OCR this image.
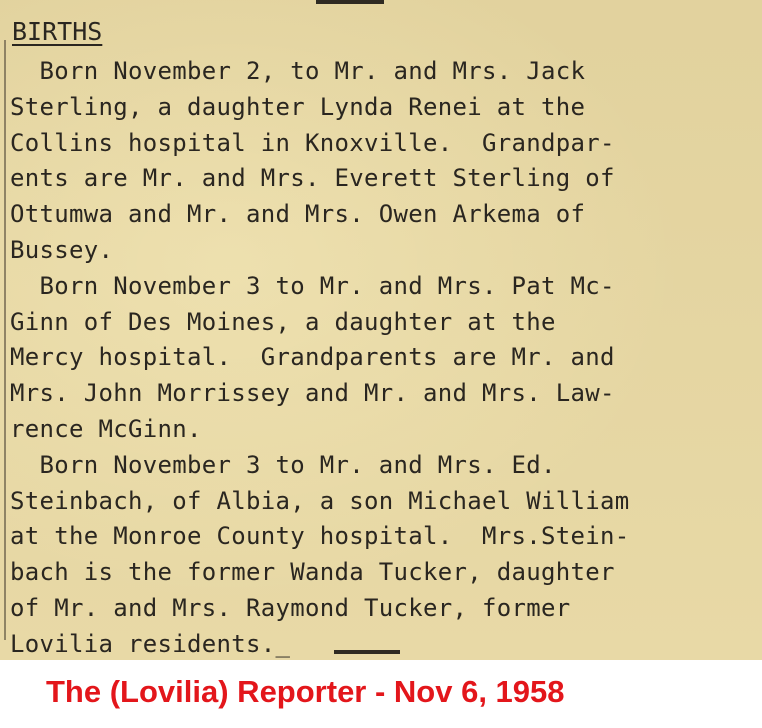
BIRTHS
Born November 2, to Mr. and Mrs. Jack
Sterling, a daughter Lynda Renei at the
Collins hospital in Knoxville.  Grandpar-
ents are Mr. and Mrs. Everett Sterling of
Ottumwa and Mr. and Mrs. Owen Arkema of
Bussey.
Born November 3 to Mr. and Mrs. Pat Mc-
Ginn of Des Moines, a daughter at the
Mercy hospital.  Grandparents are Mr. and
Mrs. John Morrissey and Mr. and Mrs. Law-
rence McGinn.
Born November 3 to Mr. and Mrs. Ed.
Steinbach, of Albia, a son Michael William
at the Monroe County hospital.  Mrs.Stein-
bach is the former Wanda Tucker, daughter
of Mr. and Mrs. Raymond Tucker, former
Lovilia residents._
The (Lovilia) Reporter - Nov 6, 1958
